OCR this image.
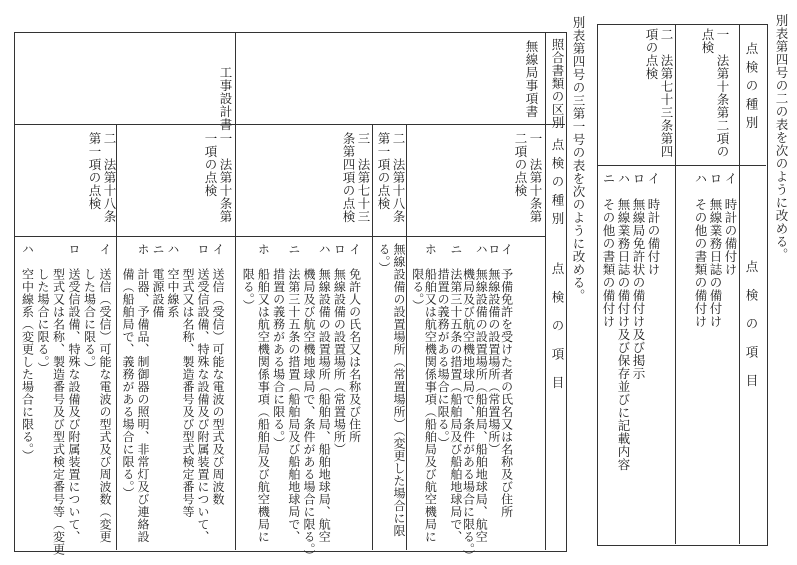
別表第四号の二の表を次のように改める。
点検の種別
点検の項目
一　法第十条第二項の点検
イ　時計の備付け
ロ　無線業務日誌の備付け
ハ　その他の書類の備付け
二　法第七十三条第四項の点検
イ　時計の備付け
ロ　無線局免許状の備付け及び掲示
ハ　無線業務日誌の備付け及び保存並びに記載内容
ニ　その他の書類の備付け
別表第四号の三第一号の表を次のように改める。
照合書類の区別
点検の種別
点検の項目
無線局事項書
一　法第十条第二項の点検
イ　予備免許を受けた者の氏名又は名称及び住所
ロ　無線設備の設置場所（常置場所）
ハ　無線設備の設置場所（船舶局、船舶地球局、航空
　　機局及び航空機地球局で、条件がある場合に限る。）
ニ　法第三十五条の措置（船舶局及び船舶地球局で、
　　措置の義務がある場合に限る。）
ホ　船舶又は航空機関係事項（船舶局及び航空機局に
　　限る。）
二　法第十八条第一項の点検
無線設備の設置場所（常置場所）（変更した場合に限
る。）
三　法第七十三条第四項の点検
イ　免許人の氏名又は名称及び住所
ロ　無線設備の設置場所（常置場所）
ハ　無線設備の設置場所（船舶局、船舶地球局、航空
　　機局及び航空機地球局で、条件がある場合に限る。）
ニ　法第三十五条の措置（船舶局及び船舶地球局で、
　　措置の義務がある場合に限る。）
ホ　船舶又は航空機関係事項（船舶局及び航空機局に
　　限る。）
工事設計書
一　法第十条第一項の点検
イ　送信（受信）可能な電波の型式及び周波数
ロ　送受信設備、特殊な設備及び附属装置について、
　　型式又は名称、製造番号及び型式検定番号等
ハ　空中線系
ニ　電源設備
ホ　計器、予備品、制御器の照明、非常灯及び連絡設
　　備（船舶局で、義務がある場合に限る。）
二　法第十八条第一項の点検
イ　送信（受信）可能な電波の型式及び周波数（変更
　　した場合に限る。）
ロ　送受信設備、特殊な設備及び附属装置について、
　　型式又は名称、製造番号及び型式検定番号等（変更
　　した場合に限る。）
ハ　空中線系（変更した場合に限る。）
